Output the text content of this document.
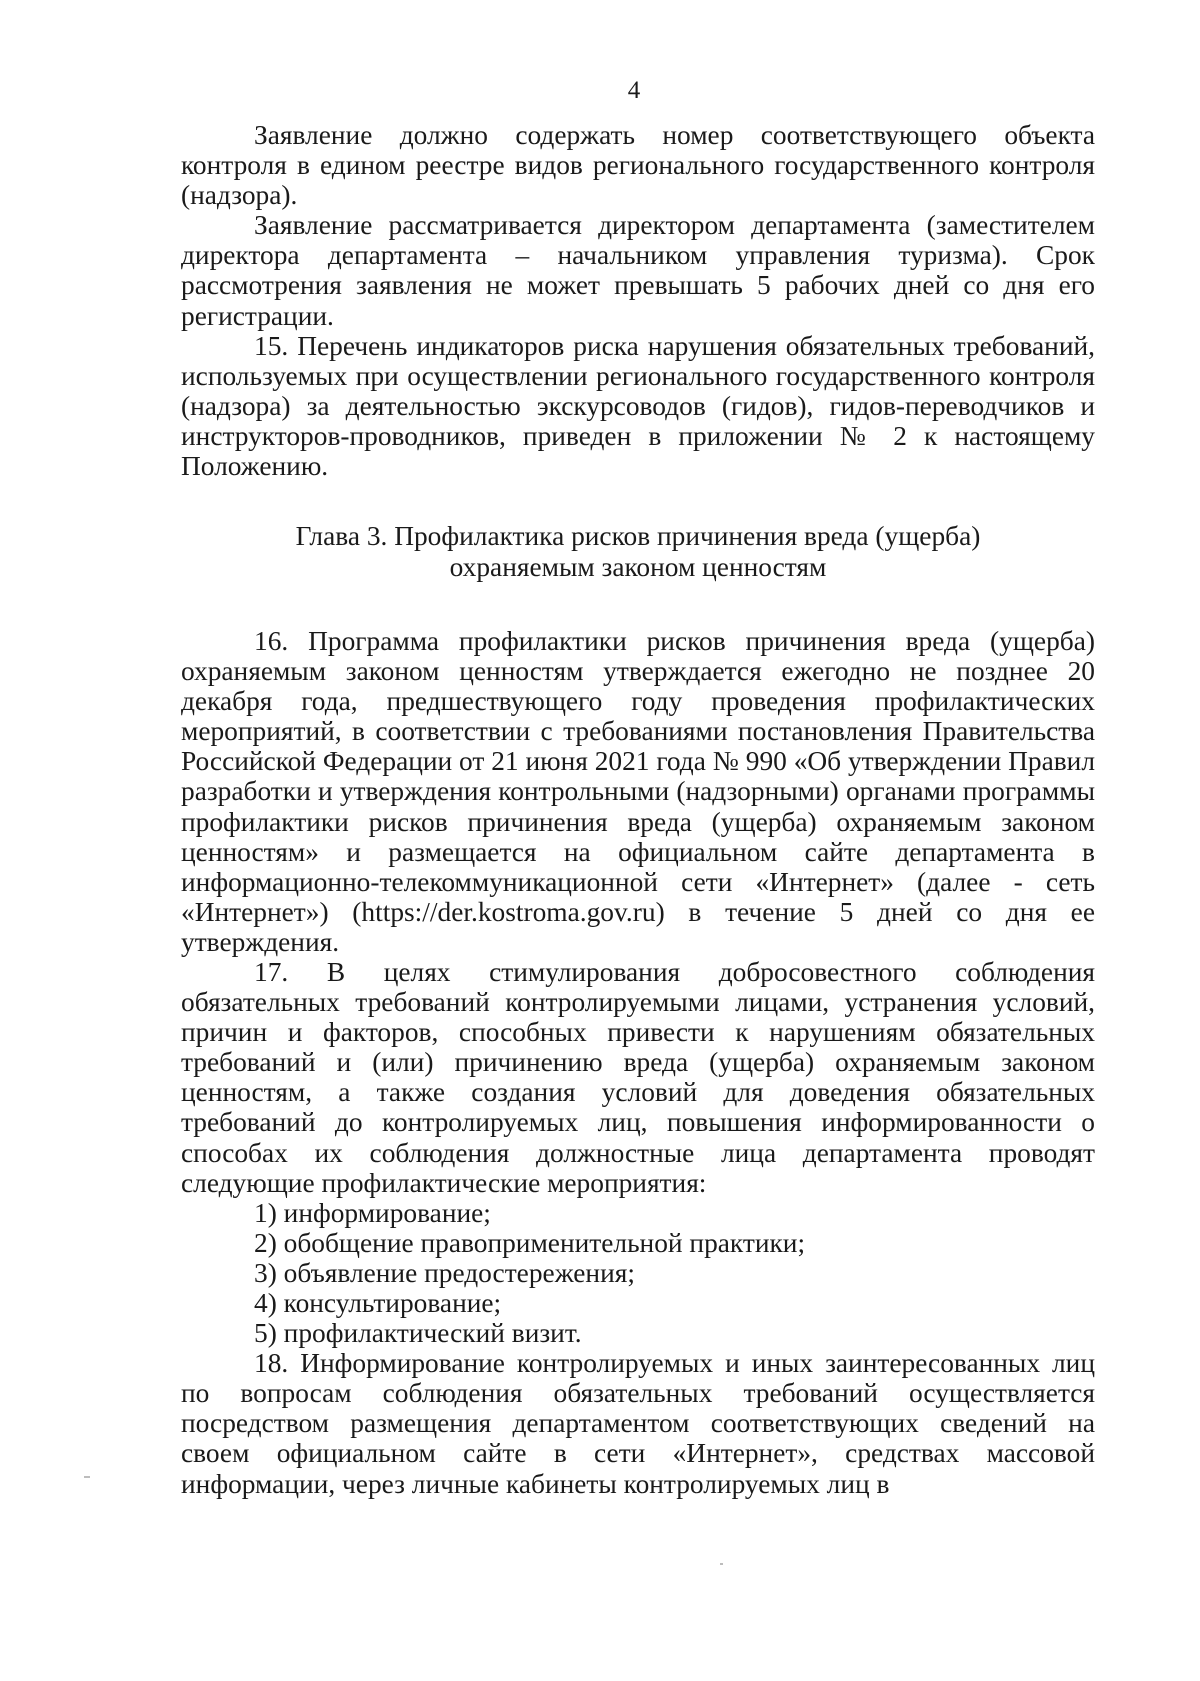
4

Заявление должно содержать номер соответствующего объекта контроля в едином реестре видов регионального государственного контроля (надзора).

Заявление рассматривается директором департамента (заместителем директора департамента – начальником управления туризма). Срок рассмотрения заявления не может превышать 5 рабочих дней со дня его регистрации.

15. Перечень индикаторов риска нарушения обязательных требований, используемых при осуществлении регионального государственного контроля (надзора) за деятельностью экскурсоводов (гидов), гидов-переводчиков и инструкторов-проводников, приведен в приложении № 2 к настоящему Положению.

Глава 3. Профилактика рисков причинения вреда (ущерба)
охраняемым законом ценностям

16. Программа профилактики рисков причинения вреда (ущерба) охраняемым законом ценностям утверждается ежегодно не позднее 20 декабря года, предшествующего году проведения профилактических мероприятий, в соответствии с требованиями постановления Правительства Российской Федерации от 21 июня 2021 года № 990 «Об утверждении Правил разработки и утверждения контрольными (надзорными) органами программы профилактики рисков причинения вреда (ущерба) охраняемым законом ценностям» и размещается на официальном сайте департамента в информационно-телекоммуникационной сети «Интернет» (далее - сеть «Интернет») (https://der.kostroma.gov.ru) в течение 5 дней со дня ее утверждения.

17. В целях стимулирования добросовестного соблюдения обязательных требований контролируемыми лицами, устранения условий, причин и факторов, способных привести к нарушениям обязательных требований и (или) причинению вреда (ущерба) охраняемым законом ценностям, а также создания условий для доведения обязательных требований до контролируемых лиц, повышения информированности о способах их соблюдения должностные лица департамента проводят следующие профилактические мероприятия:

1) информирование;

2) обобщение правоприменительной практики;

3) объявление предостережения;

4) консультирование;

5) профилактический визит.

18. Информирование контролируемых и иных заинтересованных лиц по вопросам соблюдения обязательных требований осуществляется посредством размещения департаментом соответствующих сведений на своем официальном сайте в сети «Интернет», средствах массовой информации, через личные кабинеты контролируемых лиц в
